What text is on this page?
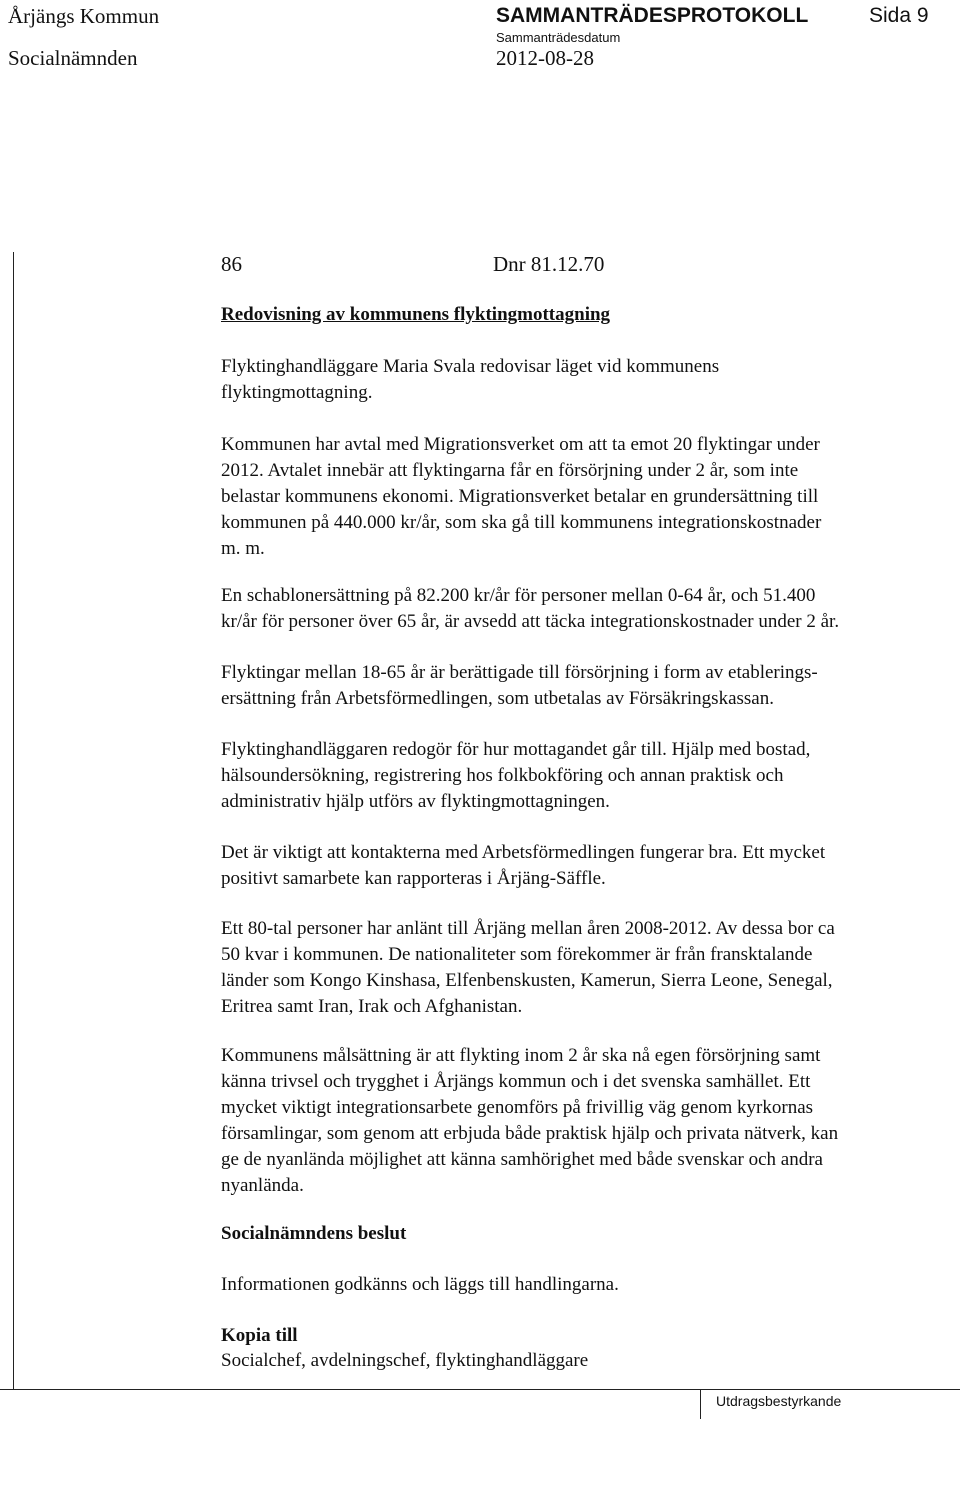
Årjängs Kommun	SAMMANTRÄDESPROTOKOLL	Sida 9
Socialnämnden
Sammanträdesdatum
2012-08-28
86	Dnr 81.12.70
Redovisning av kommunens flyktingmottagning
Flyktinghandläggare Maria Svala redovisar läget vid kommunens
flyktingmottagning.
Kommunen har avtal med Migrationsverket om att ta emot 20 flyktingar under
2012. Avtalet innebär att flyktingarna får en försörjning under 2 år, som inte
belastar kommunens ekonomi. Migrationsverket betalar en grundersättning till
kommunen på 440.000 kr/år, som ska gå till kommunens integrationskostnader
m. m.
En schablonersättning på 82.200 kr/år för personer mellan 0-64 år, och 51.400
kr/år för personer över 65 år, är avsedd att täcka integrationskostnader under 2 år.
Flyktingar mellan 18-65 år är berättigade till försörjning i form av etablerings-
ersättning från Arbetsförmedlingen, som utbetalas av Försäkringskassan.
Flyktinghandläggaren redogör för hur mottagandet går till. Hjälp med bostad,
hälsoundersökning, registrering hos folkbokföring och annan praktisk och
administrativ hjälp utförs av flyktingmottagningen.
Det är viktigt att kontakterna med Arbetsförmedlingen fungerar bra. Ett mycket
positivt samarbete kan rapporteras i Årjäng-Säffle.
Ett 80-tal personer har anlänt till Årjäng mellan åren 2008-2012. Av dessa bor ca
50 kvar i kommunen. De nationaliteter som förekommer är från fransktalande
länder som Kongo Kinshasa, Elfenbenskusten, Kamerun, Sierra Leone, Senegal,
Eritrea samt Iran, Irak och Afghanistan.
Kommunens målsättning är att flykting inom 2 år ska nå egen försörjning samt
känna trivsel och trygghet i Årjängs kommun och i det svenska samhället. Ett
mycket viktigt integrationsarbete genomförs på frivillig väg genom kyrkornas
församlingar, som genom att erbjuda både praktisk hjälp och privata nätverk, kan
ge de nyanlända möjlighet att känna samhörighet med både svenskar och andra
nyanlända.
Socialnämndens beslut
Informationen godkänns och läggs till handlingarna.
Kopia till
Socialchef, avdelningschef, flyktinghandläggare
Utdragsbestyrkande
